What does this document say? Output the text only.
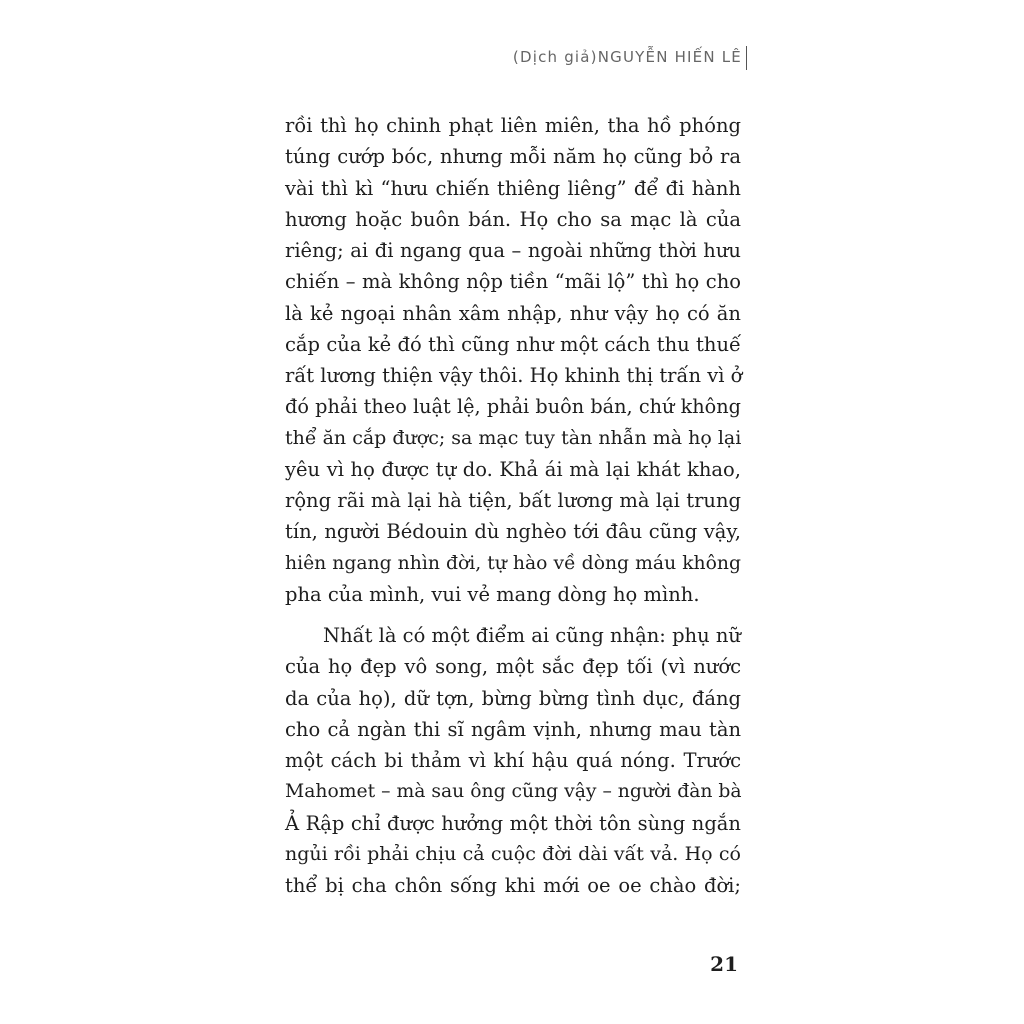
(Dịch giả)NGUYỄN HIẾN LÊ
rồi thì họ chinh phạt liên miên, tha hồ phóng
túng cướp bóc, nhưng mỗi năm họ cũng bỏ ra
vài thì kì “hưu chiến thiêng liêng” để đi hành
hương hoặc buôn bán. Họ cho sa mạc là của
riêng; ai đi ngang qua – ngoài những thời hưu
chiến – mà không nộp tiền “mãi lộ” thì họ cho
là kẻ ngoại nhân xâm nhập, như vậy họ có ăn
cắp của kẻ đó thì cũng như một cách thu thuế
rất lương thiện vậy thôi. Họ khinh thị trấn vì ở
đó phải theo luật lệ, phải buôn bán, chứ không
thể ăn cắp được; sa mạc tuy tàn nhẫn mà họ lại
yêu vì họ được tự do. Khả ái mà lại khát khao,
rộng rãi mà lại hà tiện, bất lương mà lại trung
tín, người Bédouin dù nghèo tới đâu cũng vậy,
hiên ngang nhìn đời, tự hào về dòng máu không
pha của mình, vui vẻ mang dòng họ mình.
Nhất là có một điểm ai cũng nhận: phụ nữ
của họ đẹp vô song, một sắc đẹp tối (vì nước
da của họ), dữ tợn, bừng bừng tình dục, đáng
cho cả ngàn thi sĩ ngâm vịnh, nhưng mau tàn
một cách bi thảm vì khí hậu quá nóng. Trước
Mahomet – mà sau ông cũng vậy – người đàn bà
Ả Rập chỉ được hưởng một thời tôn sùng ngắn
ngủi rồi phải chịu cả cuộc đời dài vất vả. Họ có
thể bị cha chôn sống khi mới oe oe chào đời;
21
